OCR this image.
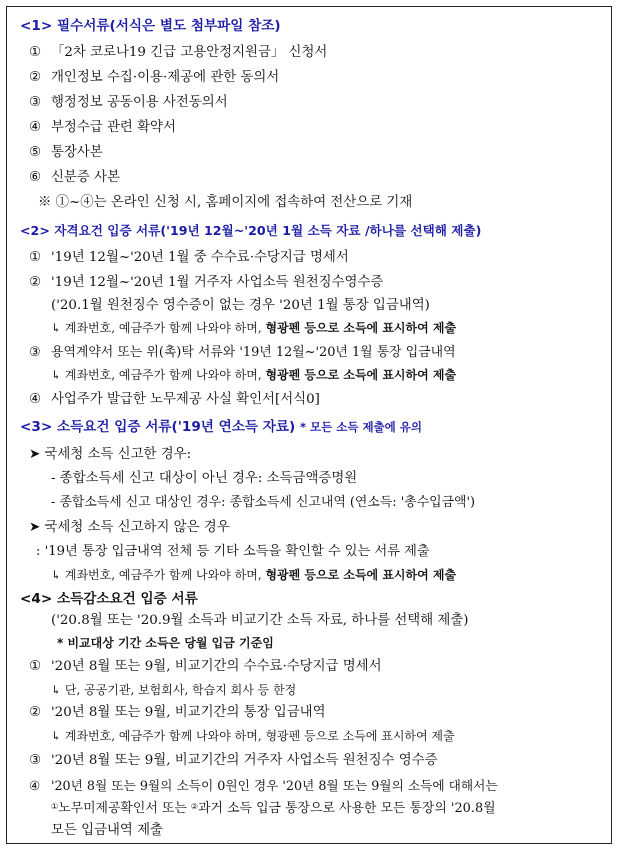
<1> 필수서류(서식은 별도 첨부파일 참조)
① 「2차 코로나19 긴급 고용안정지원금」 신청서
② 개인정보 수집·이용·제공에 관한 동의서
③ 행정정보 공동이용 사전동의서
④ 부정수급 관련 확약서
⑤ 통장사본
⑥ 신분증 사본
※ ①~④는 온라인 신청 시, 홈페이지에 접속하여 전산으로 기재
<2> 자격요건 입증 서류('19년 12월~'20년 1월 소득 자료 /하나를 선택해 제출)
① '19년 12월~'20년 1월 중 수수료·수당지급 명세서
② '19년 12월~'20년 1월 거주자 사업소득 원천징수영수증
('20.1월 원천징수 영수증이 없는 경우 '20년 1월 통장 입금내역)
↳ 계좌번호, 예금주가 함께 나와야 하며, 형광펜 등으로 소득에 표시하여 제출
③ 용역계약서 또는 위(촉)탁 서류와 '19년 12월~'20년 1월 통장 입금내역
↳ 계좌번호, 예금주가 함께 나와야 하며, 형광펜 등으로 소득에 표시하여 제출
④ 사업주가 발급한 노무제공 사실 확인서[서식0]
<3> 소득요건 입증 서류('19년 연소득 자료) * 모든 소득 제출에 유의
➤ 국세청 소득 신고한 경우:
- 종합소득세 신고 대상이 아닌 경우: 소득금액증명원
- 종합소득세 신고 대상인 경우: 종합소득세 신고내역 (연소득: '총수입금액')
➤ 국세청 소득 신고하지 않은 경우
: '19년 통장 입금내역 전체 등 기타 소득을 확인할 수 있는 서류 제출
↳ 계좌번호, 예금주가 함께 나와야 하며, 형광펜 등으로 소득에 표시하여 제출
<4> 소득감소요건 입증 서류
('20.8월 또는 '20.9월 소득과 비교기간 소득 자료, 하나를 선택해 제출)
* 비교대상 기간 소득은 당월 입금 기준임
① '20년 8월 또는 9월, 비교기간의 수수료·수당지급 명세서
↳ 단, 공공기관, 보험회사, 학습지 회사 등 한정
② '20년 8월 또는 9월, 비교기간의 통장 입금내역
↳ 계좌번호, 예금주가 함께 나와야 하며, 형광펜 등으로 소득에 표시하여 제출
③ '20년 8월 또는 9월, 비교기간의 거주자 사업소득 원천징수 영수증
④ '20년 8월 또는 9월의 소득이 0원인 경우 '20년 8월 또는 9월의 소득에 대해서는
①노무미제공확인서 또는 ②과거 소득 입금 통장으로 사용한 모든 통장의 '20.8월
모든 입금내역 제출
